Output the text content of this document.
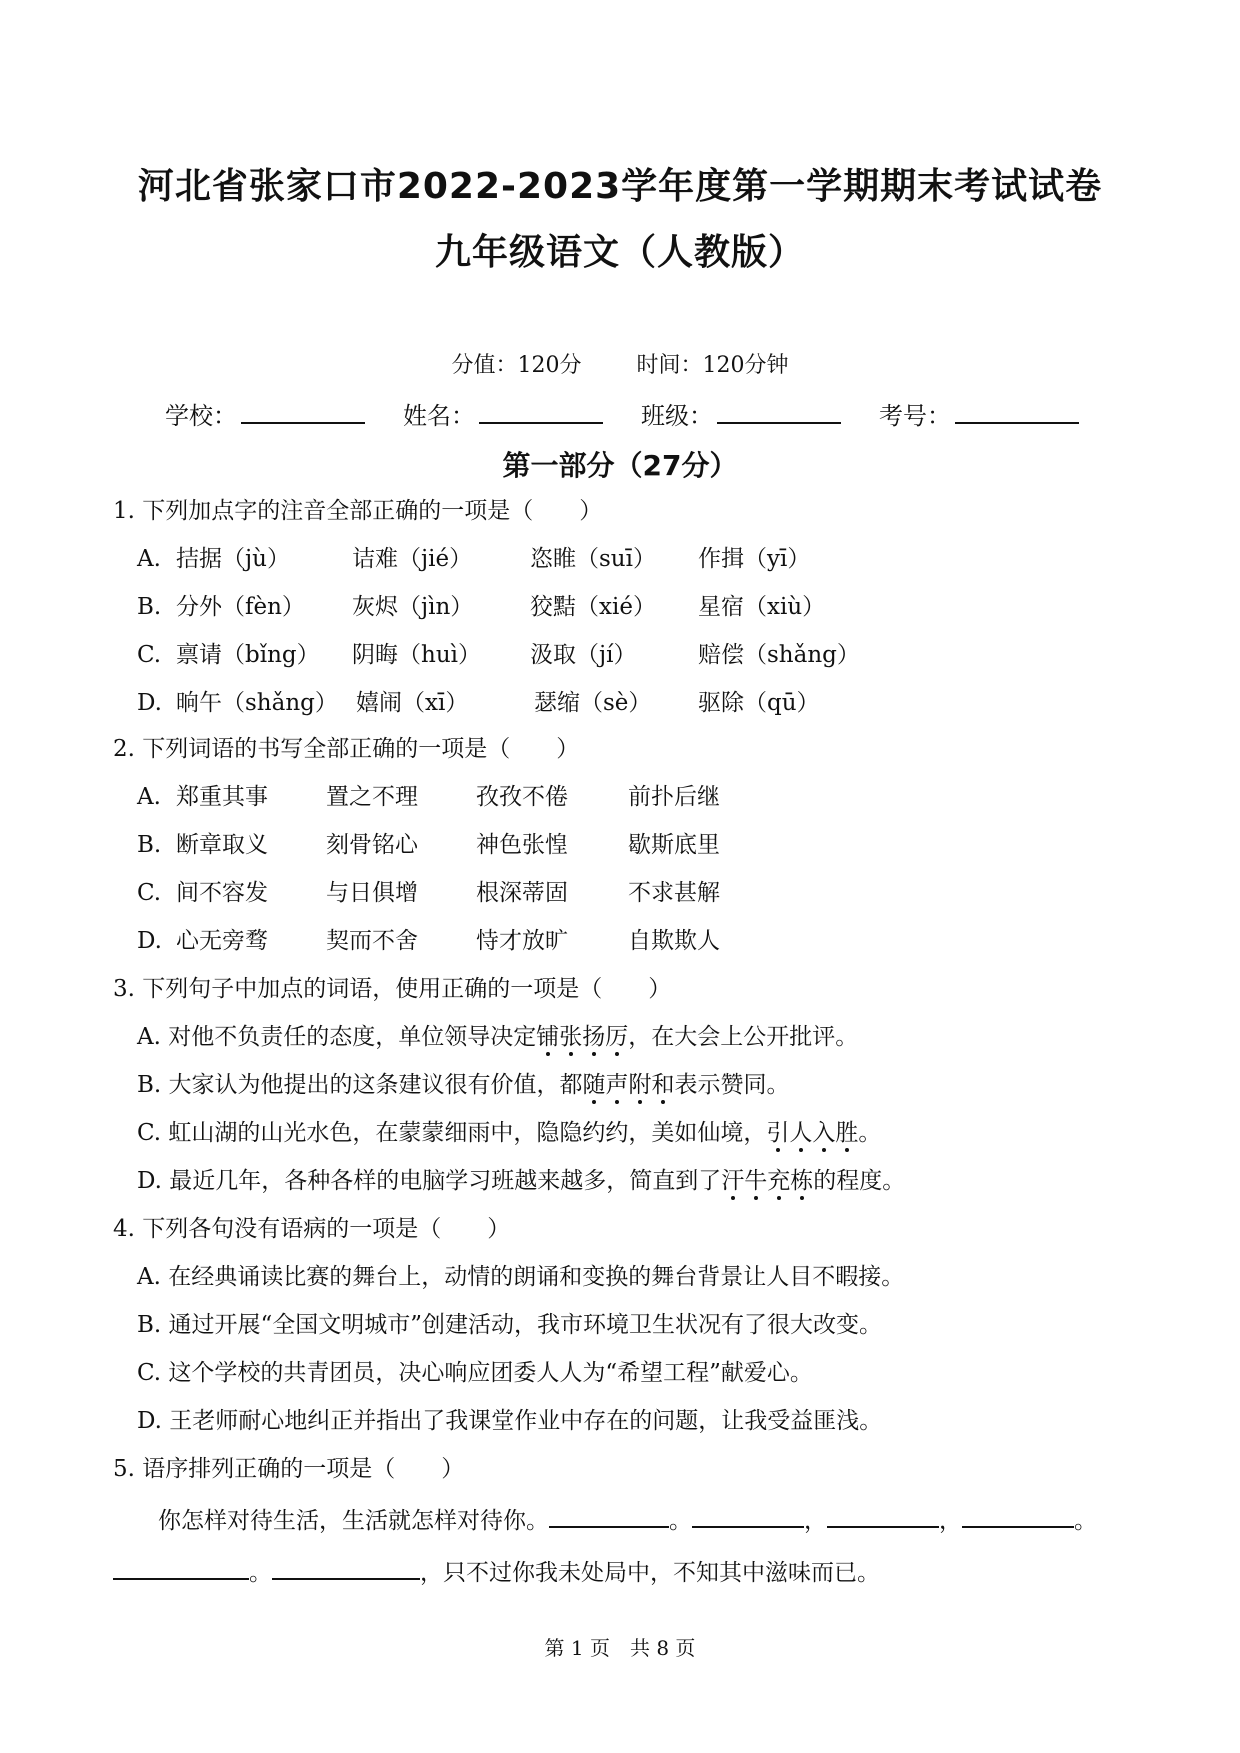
河北省张家口市2022-2023学年度第一学期期末考试试卷
九年级语文（人教版）
分值：120分	时间：120分钟
学校：	姓名：	班级：	考号：
第一部分（27分）
1. 下列加点字的注音全部正确的一项是（　　）
A. 拮据（jù）	诘难（jié）	恣睢（suī） 作揖（yī）
B. 分外（fèn） 灰烬（jìn） 狡黠（xié） 星宿（xiù）
C. 禀请（bǐng） 阴晦（huì） 汲取（jí）	赔偿（shǎng）
D. 晌午（shǎng） 嬉闹（xī）	瑟缩（sè） 驱除（qū）
2. 下列词语的书写全部正确的一项是（　　）
A. 郑重其事	置之不理	孜孜不倦	前扑后继
B. 断章取义	刻骨铭心	神色张惶	歇斯底里
C. 间不容发	与日俱增	根深蒂固	不求甚解
D. 心无旁骛	契而不舍	恃才放旷	自欺欺人
3. 下列句子中加点的词语，使用正确的一项是（　　）
A. 对他不负责任的态度，单位领导决定铺张扬厉，在大会上公开批评。
B. 大家认为他提出的这条建议很有价值，都随声附和表示赞同。
C. 虹山湖的山光水色，在蒙蒙细雨中，隐隐约约，美如仙境，引人入胜。
D. 最近几年，各种各样的电脑学习班越来越多，简直到了汗牛充栋的程度。
4. 下列各句没有语病的一项是（　　）
A. 在经典诵读比赛的舞台上，动情的朗诵和变换的舞台背景让人目不暇接。
B. 通过开展“全国文明城市”创建活动，我市环境卫生状况有了很大改变。
C. 这个学校的共青团员，决心响应团委人人为“希望工程”献爱心。
D. 王老师耐心地纠正并指出了我课堂作业中存在的问题，让我受益匪浅。
5. 语序排列正确的一项是（　　）
你怎样对待生活，生活就怎样对待你。	。	，	，	。
。	，只不过你我未处局中，不知其中滋味而已。
第 1 页　共 8 页
